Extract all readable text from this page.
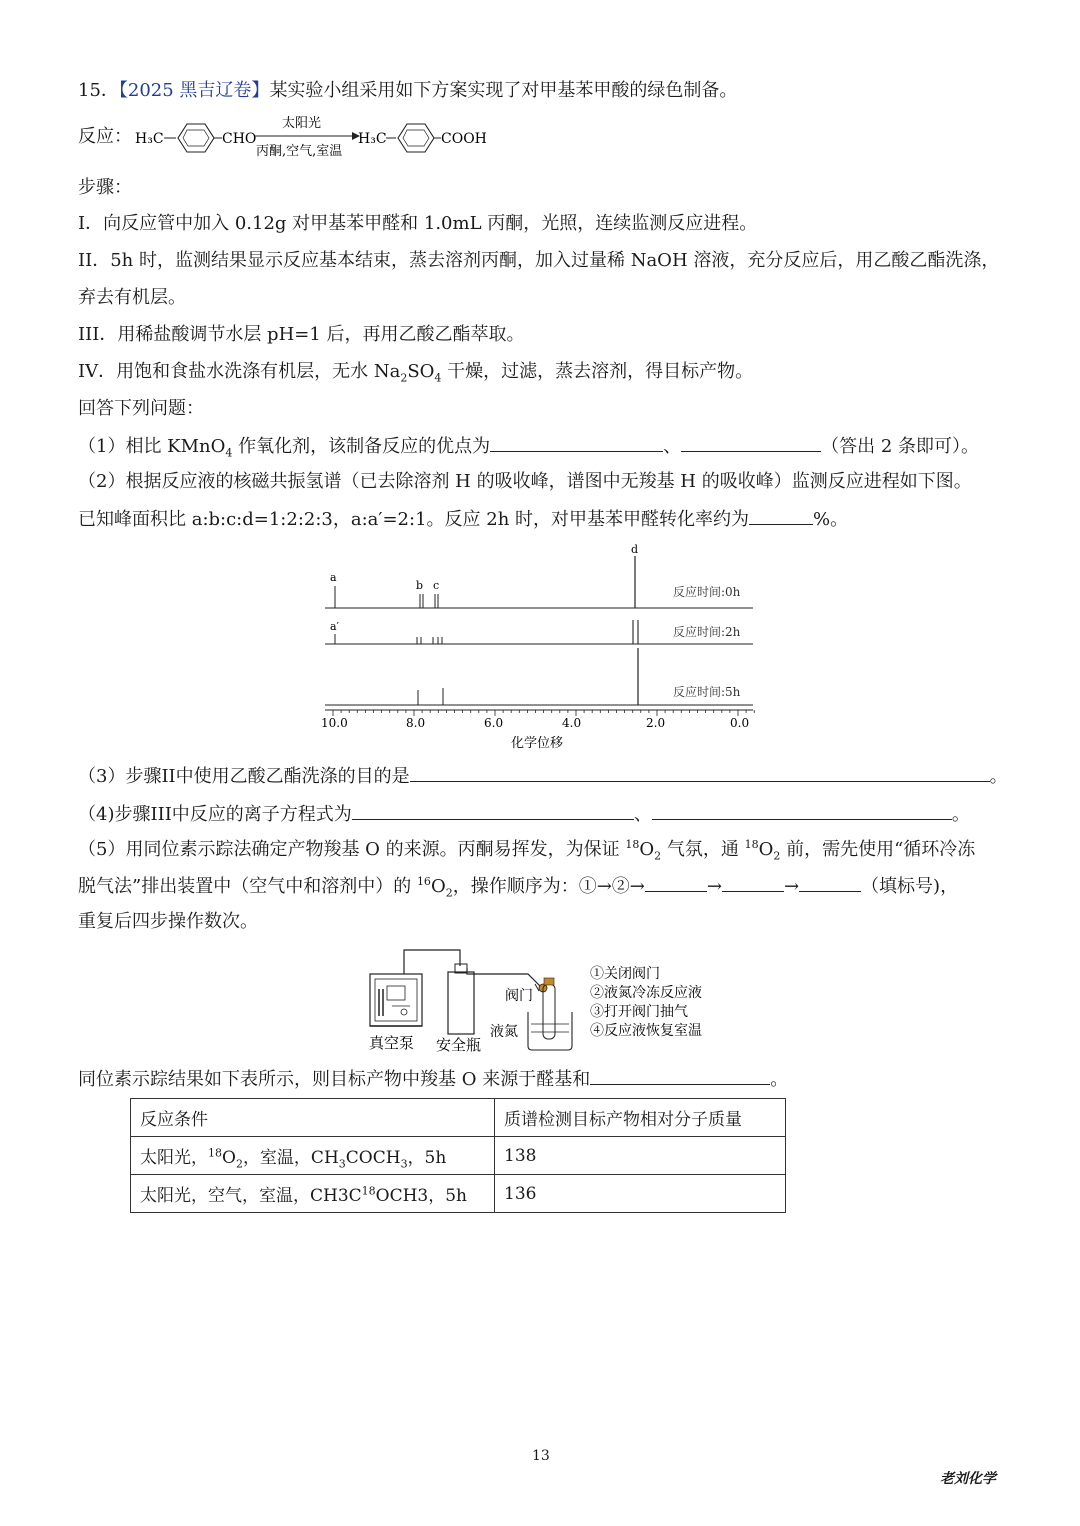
15．【2025 黑吉辽卷】某实验小组采用如下方案实现了对甲基苯甲酸的绿色制备。
反应： H₃C	CHO
太阳光
丙酮,空气,室温
H₃C	COOH
步骤：
I．向反应管中加入 0.12g 对甲基苯甲醛和 1.0mL 丙酮，光照，连续监测反应进程。
II．5h 时，监测结果显示反应基本结束，蒸去溶剂丙酮，加入过量稀 NaOH 溶液，充分反应后，用乙酸乙酯洗涤，
弃去有机层。
III．用稀盐酸调节水层 pH=1 后，再用乙酸乙酯萃取。
IV．用饱和食盐水洗涤有机层，无水 $Na_2SO_4$ 干燥，过滤，蒸去溶剂，得目标产物。
回答下列问题：
（1）相比 KMnO$_4$ 作氧化剂，该制备反应的优点为	、	（答出 2 条即可）。
（2）根据反应液的核磁共振氢谱（已去除溶剂 H 的吸收峰，谱图中无羧基 H 的吸收峰）监测反应进程如下图。
已知峰面积比 a:b:c:d=1:2:2:3，a:a′=2:1。反应 2h 时，对甲基苯甲醛转化率约为	%。
a
b c
d
反应时间:0h
a′	反应时间:2h
反应时间:5h
10.0	8.0	6.0	4.0	2.0	0.0
化学位移
（3）步骤II中使用乙酸乙酯洗涤的目的是	。
（4)步骤III中反应的离子方程式为	、	。
（5）用同位素示踪法确定产物羧基 O 的来源。丙酮易挥发，为保证 $^{18}O_2$ 气氛，通 $^{18}O_2$ 前，需先使用“循环冷冻
脱气法”排出装置中（空气中和溶剂中）的 $^{16}O_2$，操作顺序为：①→②→	→	→	（填标号)，
重复后四步操作数次。
真空泵 安全瓶
阀门
液氮
①关闭阀门
②液氮冷冻反应液
③打开阀门抽气
④反应液恢复室温
同位素示踪结果如下表所示，则目标产物中羧基 O 来源于醛基和	。
反应条件	质谱检测目标产物相对分子质量
太阳光，$^{18}O_2$，室温，$CH_3COCH_3$，5h	138
太阳光，空气，室温，$CH3C^{18}OCH3$，5h	136
13
老刘化学
